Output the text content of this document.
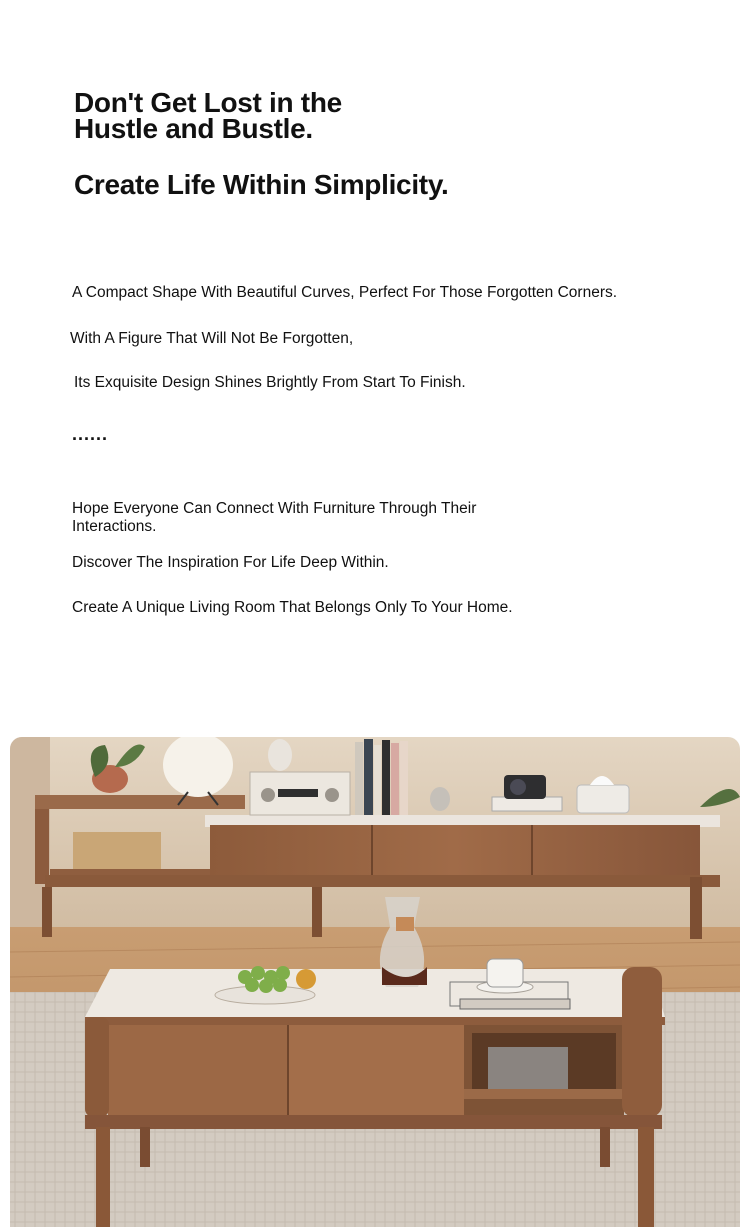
Don't Get Lost in the
Hustle and Bustle.
Create Life Within Simplicity.
A Compact Shape With Beautiful Curves, Perfect For Those Forgotten Corners.
With A Figure That Will Not Be Forgotten,
Its Exquisite Design Shines Brightly From Start To Finish.
......
Hope Everyone Can Connect With Furniture Through Their Interactions.
Discover The Inspiration For Life Deep Within.
Create A Unique Living Room That Belongs Only To Your Home.
